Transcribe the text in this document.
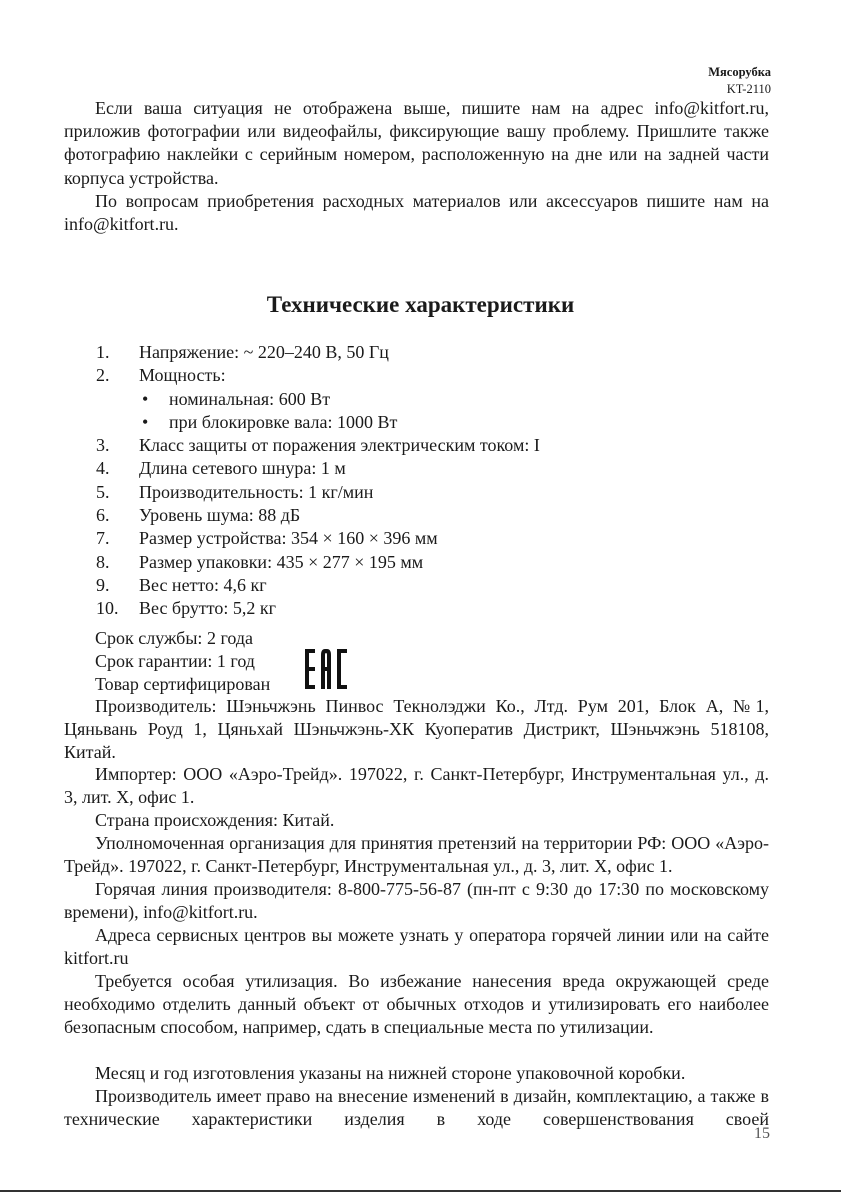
Мясорубка
KT-2110

Если ваша ситуация не отображена выше, пишите нам на адрес info@kitfort.ru, приложив фотографии или видеофайлы, фиксирующие вашу проблему. Пришлите также фотографию наклейки с серийным номером, расположенную на дне или на задней части корпуса устройства.

По вопросам приобретения расходных материалов или аксессуаров пишите нам на info@kitfort.ru.

Технические характеристики
1.	Напряжение: ~ 220–240 В, 50 Гц
2.	Мощность:
•	номинальная: 600 Вт
•	при блокировке вала: 1000 Вт
3.	Класс защиты от поражения электрическим током: I
4.	Длина сетевого шнура: 1 м
5.	Производительность: 1 кг/мин
6.	Уровень шума: 88 дБ
7.	Размер устройства: 354 × 160 × 396 мм
8.	Размер упаковки: 435 × 277 × 195 мм
9.	Вес нетто: 4,6 кг
10.	Вес брутто: 5,2 кг
Срок службы: 2 года
Срок гарантии: 1 год
Товар сертифицирован

Производитель: Шэньчжэнь Пинвос Текнолэджи Ко., Лтд. Рум 201, Блок А, №1, Цяньвань Роуд 1, Цяньхай Шэньчжэнь-ХК Куоператив Дистрикт, Шэньчжэнь 518108, Китай.

Импортер: ООО «Аэро-Трейд». 197022, г. Санкт-Петербург, Инструментальная ул., д. 3, лит. Х, офис 1.

Страна происхождения: Китай.

Уполномоченная организация для принятия претензий на территории РФ: ООО «Аэро-Трейд». 197022, г. Санкт-Петербург, Инструментальная ул., д. 3, лит. Х, офис 1.

Горячая линия производителя: 8-800-775-56-87 (пн-пт с 9:30 до 17:30 по московскому времени), info@kitfort.ru.

Адреса сервисных центров вы можете узнать у оператора горячей линии или на сайте kitfort.ru

Требуется особая утилизация. Во избежание нанесения вреда окружающей среде необходимо отделить данный объект от обычных отходов и утилизировать его наиболее безопасным способом, например, сдать в специальные места по утилизации.

Месяц и год изготовления указаны на нижней стороне упаковочной коробки.

Производитель имеет право на внесение изменений в дизайн, комплектацию, а также в технические характеристики изделия в ходе совершенствования своей

15
